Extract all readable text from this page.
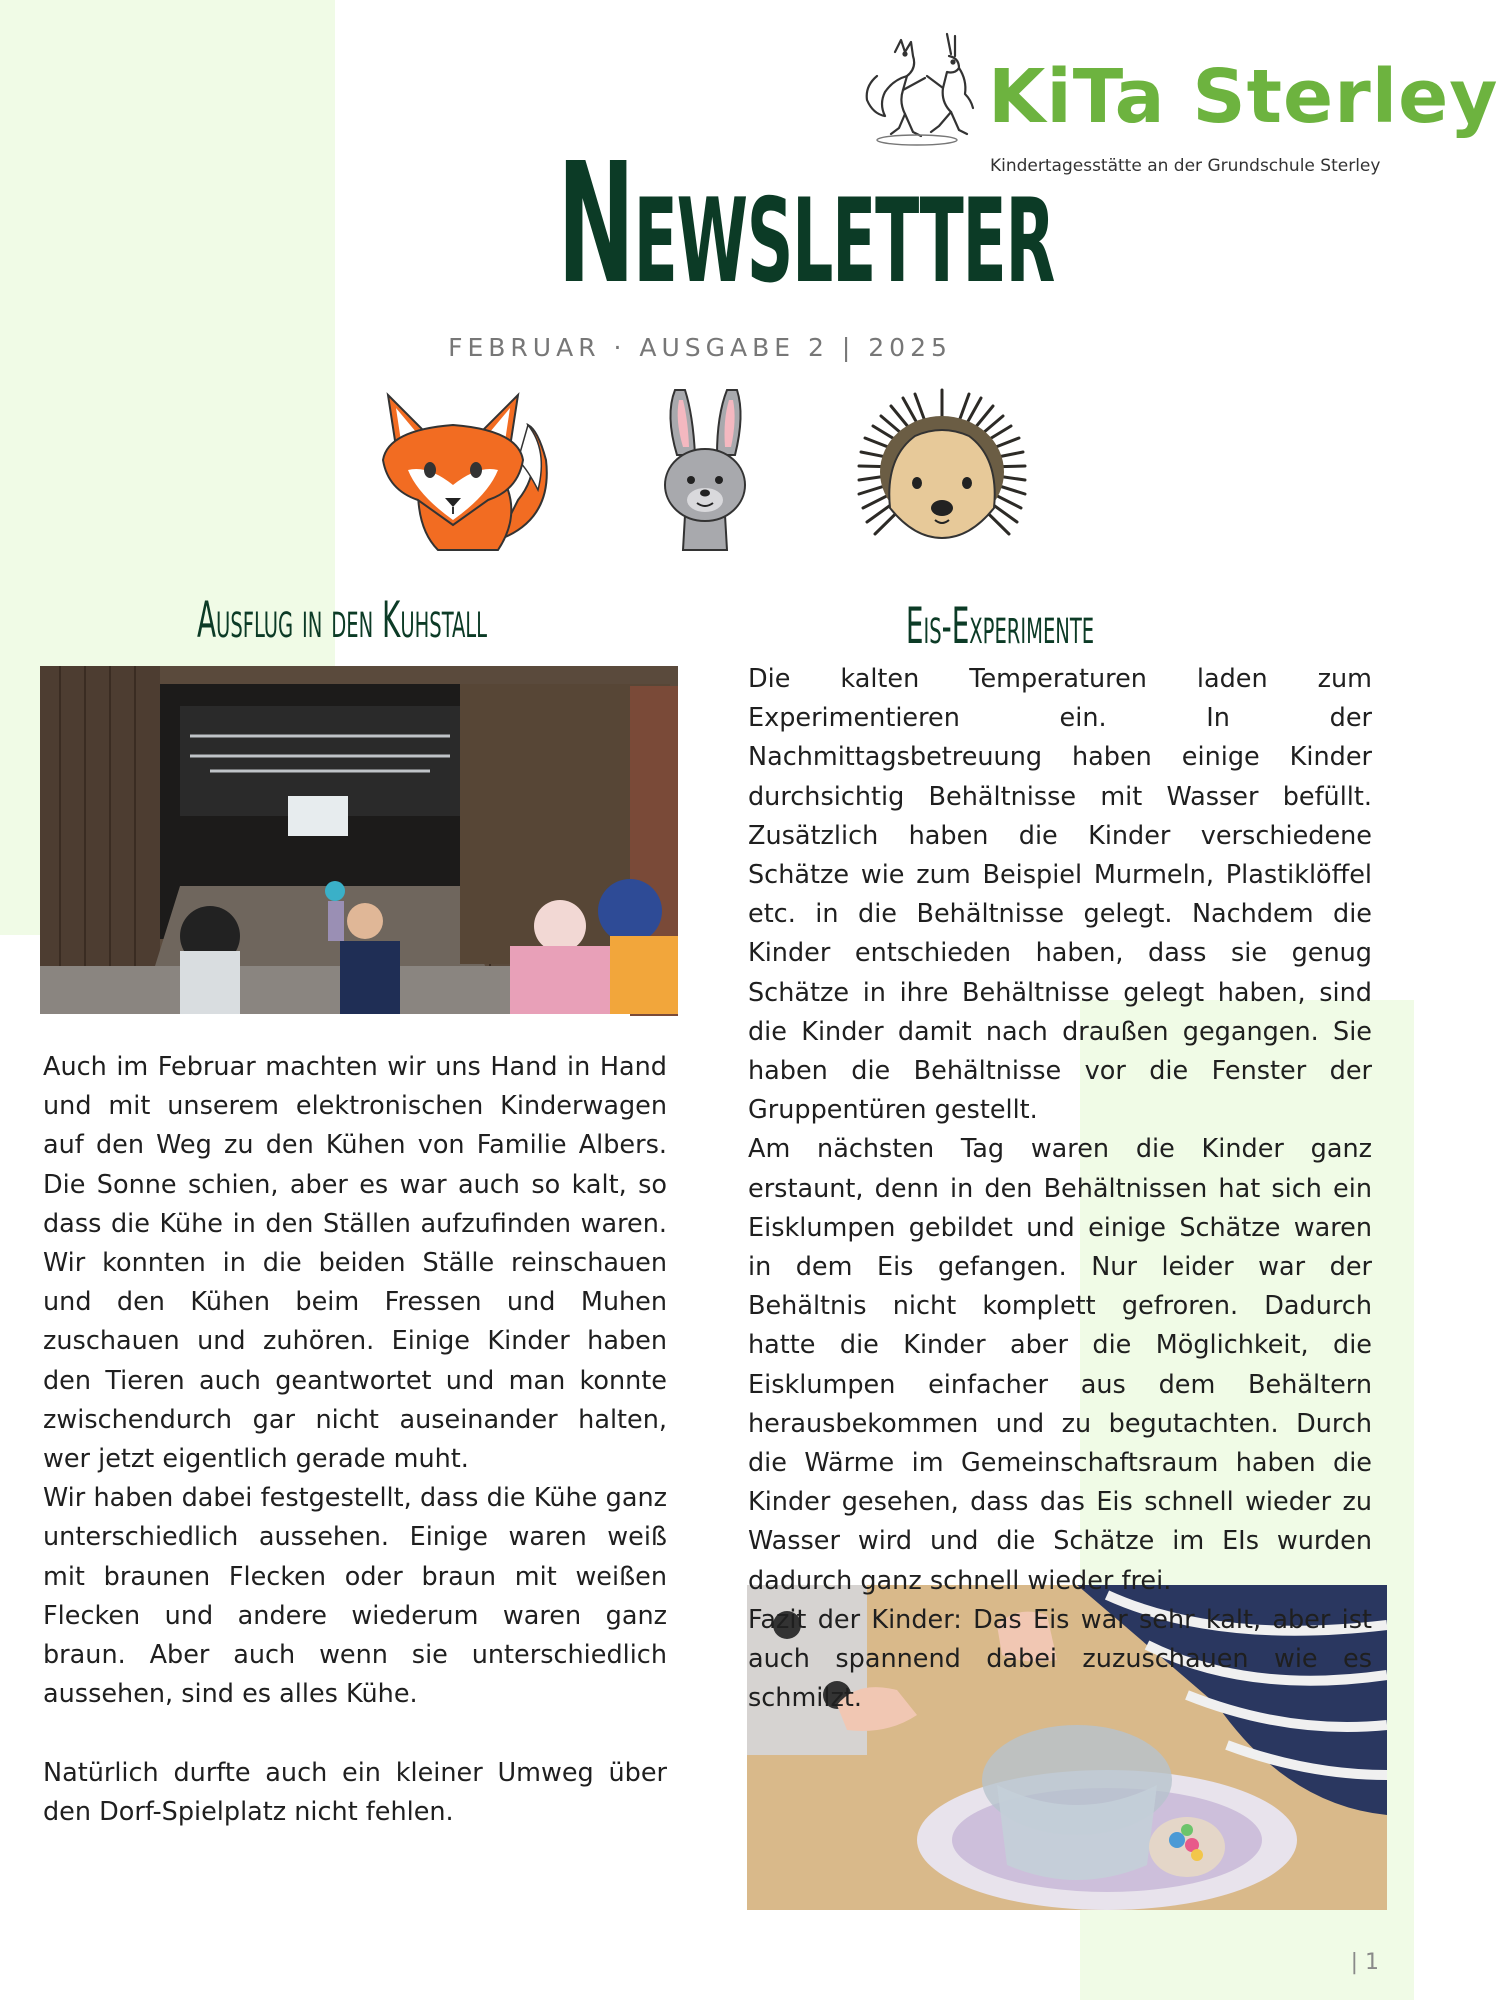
KiTa Sterley
Kindertagesstätte an der Grundschule Sterley
Newsletter
FEBRUAR · AUSGABE 2 | 2025
Ausflug in den Kuhstall	Eis-Experimente

Auch im Februar machten wir uns Hand in Hand und mit unserem elektronischen Kinderwagen auf den Weg zu den Kühen von Familie Albers. Die Sonne schien, aber es war auch so kalt, so dass die Kühe in den Ställen aufzufinden waren. Wir konnten in die beiden Ställe reinschauen und den Kühen beim Fressen und Muhen zuschauen und zuhören. Einige Kinder haben den Tieren auch geantwortet und man konnte zwischendurch gar nicht auseinander halten, wer jetzt eigentlich gerade muht.

Wir haben dabei festgestellt, dass die Kühe ganz unterschiedlich aussehen. Einige waren weiß mit braunen Flecken oder braun mit weißen Flecken und andere wiederum waren ganz braun. Aber auch wenn sie unterschiedlich aussehen, sind es alles Kühe.

Natürlich durfte auch ein kleiner Umweg über den Dorf-Spielplatz nicht fehlen.

Die kalten Temperaturen laden zum Experimentieren ein. In der Nachmittagsbetreuung haben einige Kinder durchsichtig Behältnisse mit Wasser befüllt. Zusätzlich haben die Kinder verschiedene Schätze wie zum Beispiel Murmeln, Plastiklöffel etc. in die Behältnisse gelegt. Nachdem die Kinder entschieden haben, dass sie genug Schätze in ihre Behältnisse gelegt haben, sind die Kinder damit nach draußen gegangen. Sie haben die Behältnisse vor die Fenster der Gruppentüren gestellt.

Am nächsten Tag waren die Kinder ganz erstaunt, denn in den Behältnissen hat sich ein Eisklumpen gebildet und einige Schätze waren in dem Eis gefangen. Nur leider war der Behältnis nicht komplett gefroren. Dadurch hatte die Kinder aber die Möglichkeit, die Eisklumpen einfacher aus dem Behältern herausbekommen und zu begutachten. Durch die Wärme im Gemeinschaftsraum haben die Kinder gesehen, dass das Eis schnell wieder zu Wasser wird und die Schätze im EIs wurden dadurch ganz schnell wieder frei.

Fazit der Kinder: Das Eis war sehr kalt, aber ist auch spannend dabei zuzuschauen wie es schmilzt.

| 1
